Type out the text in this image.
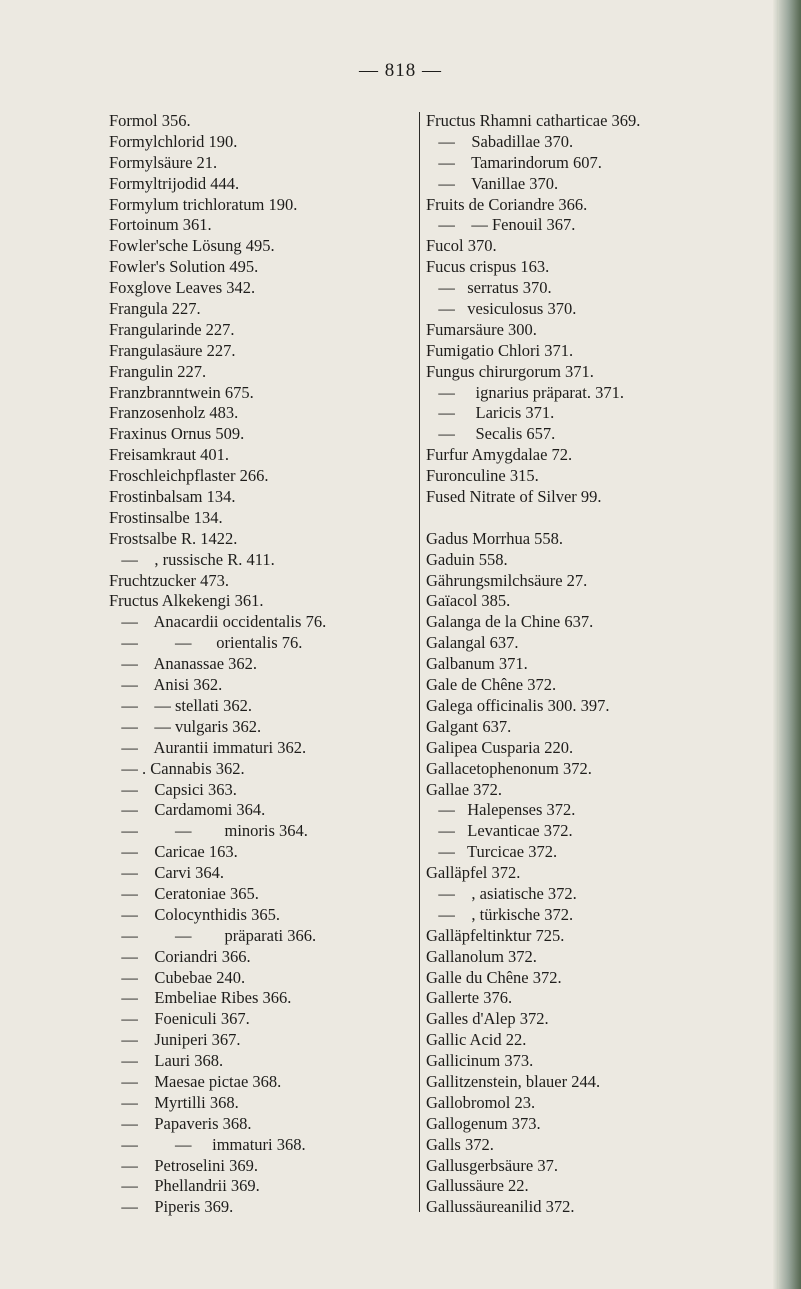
— 818 —
Formol 356.
Formylchlorid 190.
Formylsäure 21.
Formyltrijodid 444.
Formylum trichloratum 190.
Fortoinum 361.
Fowler'sche Lösung 495.
Fowler's Solution 495.
Foxglove Leaves 342.
Frangula 227.
Frangularinde 227.
Frangulasäure 227.
Frangulin 227.
Franzbranntwein 675.
Franzosenholz 483.
Fraxinus Ornus 509.
Freisamkraut 401.
Froschleichpflaster 266.
Frostinbalsam 134.
Frostinsalbe 134.
Frostsalbe R. 1422.
—    , russische R. 411.
Fruchtzucker 473.
Fructus Alkekengi 361.
—    Anacardii occidentalis 76.
—         —      orientalis 76.
—    Ananassae 362.
—    Anisi 362.
—    — stellati 362.
—    — vulgaris 362.
—    Aurantii immaturi 362.
— . Cannabis 362.
—    Capsici 363.
—    Cardamomi 364.
—         —        minoris 364.
—    Caricae 163.
—    Carvi 364.
—    Ceratoniae 365.
—    Colocynthidis 365.
—         —        präparati 366.
—    Coriandri 366.
—    Cubebae 240.
—    Embeliae Ribes 366.
—    Foeniculi 367.
—    Juniperi 367.
—    Lauri 368.
—    Maesae pictae 368.
—    Myrtilli 368.
—    Papaveris 368.
—         —     immaturi 368.
—    Petroselini 369.
—    Phellandrii 369.
—    Piperis 369.
Fructus Rhamni catharticae 369.
—    Sabadillae 370.
—    Tamarindorum 607.
—    Vanillae 370.
Fruits de Coriandre 366.
—    — Fenouil 367.
Fucol 370.
Fucus crispus 163.
—   serratus 370.
—   vesiculosus 370.
Fumarsäure 300.
Fumigatio Chlori 371.
Fungus chirurgorum 371.
—     ignarius präparat. 371.
—     Laricis 371.
—     Secalis 657.
Furfur Amygdalae 72.
Furonculine 315.
Fused Nitrate of Silver 99.
Gadus Morrhua 558.
Gaduin 558.
Gährungsmilchsäure 27.
Gaïacol 385.
Galanga de la Chine 637.
Galangal 637.
Galbanum 371.
Gale de Chêne 372.
Galega officinalis 300. 397.
Galgant 637.
Galipea Cusparia 220.
Gallacetophenonum 372.
Gallae 372.
—   Halepenses 372.
—   Levanticae 372.
—   Turcicae 372.
Galläpfel 372.
—    , asiatische 372.
—    , türkische 372.
Galläpfeltinktur 725.
Gallanolum 372.
Galle du Chêne 372.
Gallerte 376.
Galles d'Alep 372.
Gallic Acid 22.
Gallicinum 373.
Gallitzenstein, blauer 244.
Gallobromol 23.
Gallogenum 373.
Galls 372.
Gallusgerbsäure 37.
Gallussäure 22.
Gallussäureanilid 372.
